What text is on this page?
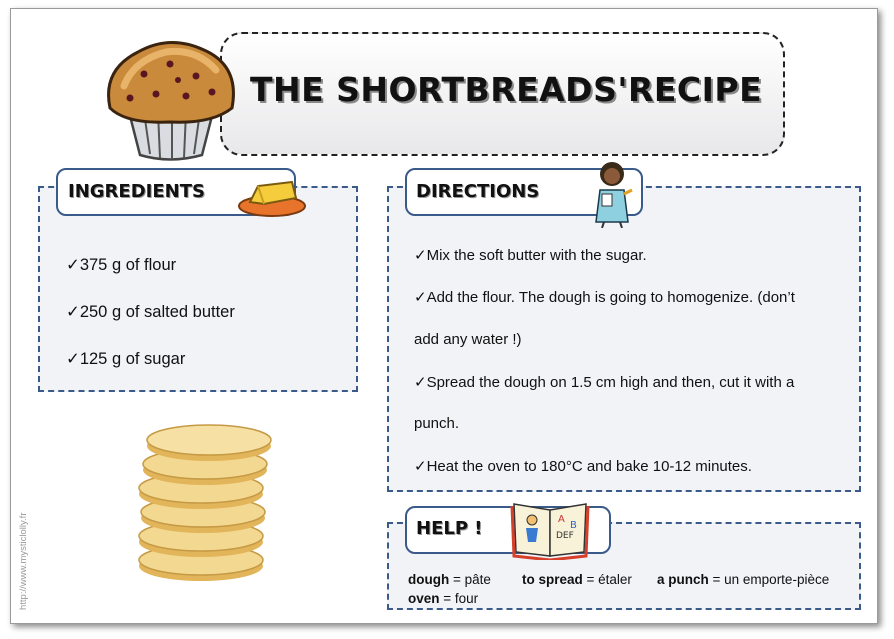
THE SHORTBREADS'RECIPE
INGREDIENTS
✓375 g of flour
✓250 g of salted butter
✓125 g of sugar
DIRECTIONS
✓Mix the soft butter with the sugar.
✓Add the flour. The dough is going to homogenize. (don’t
add any water !)
✓Spread the dough on 1.5 cm high and then, cut it with a
punch.
✓Heat the oven to 180°C and bake 10-12 minutes.
HELP !	A
B
DEF
dough = pâte to spread = étaler a punch = un emporte-pièce
oven = four
http://www.mysticlolly.fr
